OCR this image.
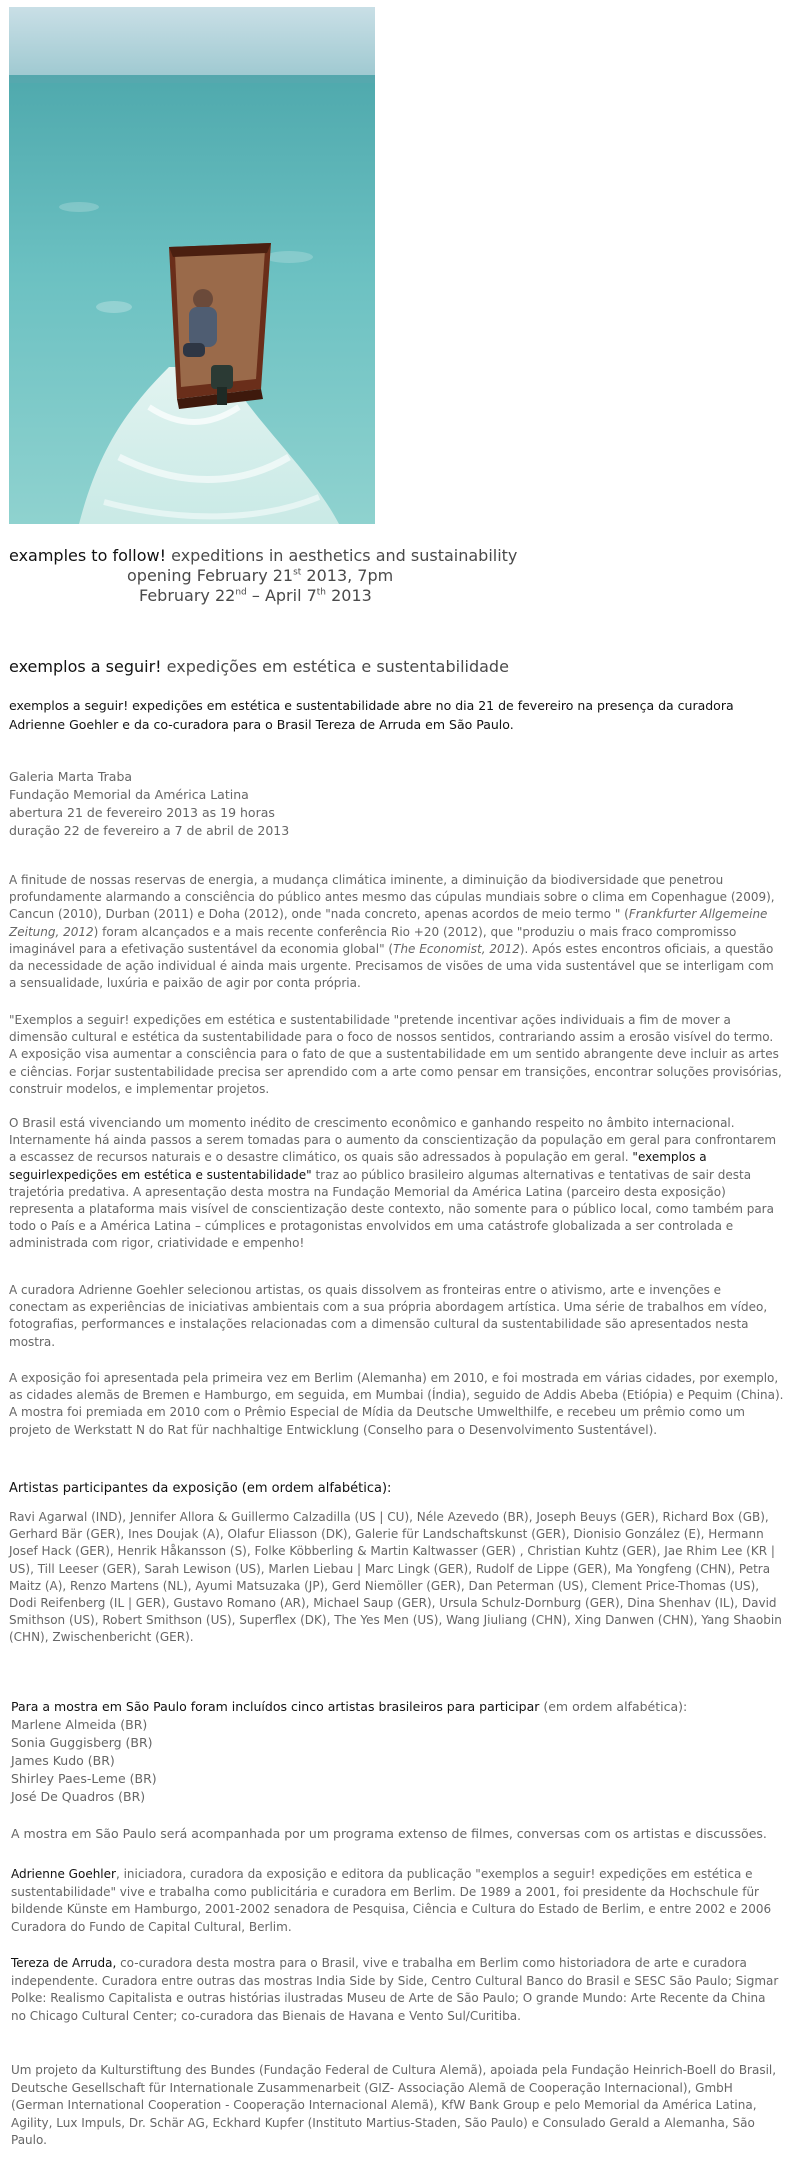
examples to follow! expeditions in aesthetics and sustainability
opening February 21st 2013, 7pm
February 22nd – April 7th 2013
exemplos a seguir! expedições em estética e sustentabilidade
exemplos a seguir! expedições em estética e sustentabilidade abre no dia 21 de fevereiro na presença da curadora Adrienne Goehler e da co-curadora para o Brasil Tereza de Arruda em São Paulo.
Galeria Marta Traba
Fundação Memorial da América Latina
abertura 21 de fevereiro 2013 as 19 horas
duração 22 de fevereiro a 7 de abril de 2013

A finitude de nossas reservas de energia, a mudança climática iminente, a diminuição da biodiversidade que penetrou profundamente alarmando a consciência do público antes mesmo das cúpulas mundiais sobre o clima em Copenhague (2009), Cancun (2010), Durban (2011) e Doha (2012), onde "nada concreto, apenas acordos de meio termo " (Frankfurter Allgemeine Zeitung, 2012) foram alcançados e a mais recente conferência Rio +20 (2012), que "produziu o mais fraco compromisso imaginável para a efetivação sustentável da economia global" (The Economist, 2012). Após estes encontros oficiais, a questão da necessidade de ação individual é ainda mais urgente. Precisamos de visões de uma vida sustentável que se interligam com a sensualidade, luxúria e paixão de agir por conta própria.

"Exemplos a seguir! expedições em estética e sustentabilidade "pretende incentivar ações individuais a fim de mover a dimensão cultural e estética da sustentabilidade para o foco de nossos sentidos, contrariando assim a erosão visível do termo. A exposição visa aumentar a consciência para o fato de que a sustentabilidade em um sentido abrangente deve incluir as artes e ciências. Forjar sustentabilidade precisa ser aprendido com a arte como pensar em transições, encontrar soluções provisórias, construir modelos, e implementar projetos.

O Brasil está vivenciando um momento inédito de crescimento econômico e ganhando respeito no âmbito internacional. Internamente há ainda passos a serem tomadas para o aumento da conscientização da população em geral para confrontarem a escassez de recursos naturais e o desastre climático, os quais são adressados à população em geral. "exemplos a seguirlexpedições em estética e sustentabilidade" traz ao público brasileiro algumas alternativas e tentativas de sair desta trajetória predativa. A apresentação desta mostra na Fundação Memorial da América Latina (parceiro desta exposição) representa a plataforma mais visível de conscientização deste contexto, não somente para o público local, como também para todo o País e a América Latina – cúmplices e protagonistas envolvidos em uma catástrofe globalizada a ser controlada e administrada com rigor, criatividade e empenho!

A curadora Adrienne Goehler selecionou artistas, os quais dissolvem as fronteiras entre o ativismo, arte e invenções e conectam as experiências de iniciativas ambientais com a sua própria abordagem artística. Uma série de trabalhos em vídeo, fotografias, performances e instalações relacionadas com a dimensão cultural da sustentabilidade são apresentados nesta mostra.

A exposição foi apresentada pela primeira vez em Berlim (Alemanha) em 2010, e foi mostrada em várias cidades, por exemplo, as cidades alemãs de Bremen e Hamburgo, em seguida, em Mumbai (Índia), seguido de Addis Abeba (Etiópia) e Pequim (China). A mostra foi premiada em 2010 com o Prêmio Especial de Mídia da Deutsche Umwelthilfe, e recebeu um prêmio como um projeto de Werkstatt N do Rat für nachhaltige Entwicklung (Conselho para o Desenvolvimento Sustentável).

Artistas participantes da exposição (em ordem alfabética):

Ravi Agarwal (IND), Jennifer Allora & Guillermo Calzadilla (US | CU), Néle Azevedo (BR), Joseph Beuys (GER), Richard Box (GB), Gerhard Bär (GER), Ines Doujak (A), Olafur Eliasson (DK), Galerie für Landschaftskunst (GER), Dionisio González (E), Hermann Josef Hack (GER), Henrik Håkansson (S), Folke Köbberling & Martin Kaltwasser (GER) , Christian Kuhtz (GER), Jae Rhim Lee (KR | US), Till Leeser (GER), Sarah Lewison (US), Marlen Liebau | Marc Lingk (GER), Rudolf de Lippe (GER), Ma Yongfeng (CHN), Petra Maitz (A), Renzo Martens (NL), Ayumi Matsuzaka (JP), Gerd Niemöller (GER), Dan Peterman (US), Clement Price-Thomas (US), Dodi Reifenberg (IL | GER), Gustavo Romano (AR), Michael Saup (GER), Ursula Schulz-Dornburg (GER), Dina Shenhav (IL), David Smithson (US), Robert Smithson (US), Superflex (DK), The Yes Men (US), Wang Jiuliang (CHN), Xing Danwen (CHN), Yang Shaobin (CHN), Zwischenbericht (GER).

Para a mostra em São Paulo foram incluídos cinco artistas brasileiros para participar (em ordem alfabética):
Marlene Almeida (BR)
Sonia Guggisberg (BR)
James Kudo (BR)
Shirley Paes-Leme (BR)
José De Quadros (BR)
A mostra em São Paulo será acompanhada por um programa extenso de filmes, conversas com os artistas e discussões.

Adrienne Goehler, iniciadora, curadora da exposição e editora da publicação "exemplos a seguir! expedições em estética e sustentabilidade" vive e trabalha como publicitária e curadora em Berlim. De 1989 a 2001, foi presidente da Hochschule für bildende Künste em Hamburgo, 2001-2002 senadora de Pesquisa, Ciência e Cultura do Estado de Berlim, e entre 2002 e 2006 Curadora do Fundo de Capital Cultural, Berlim.

Tereza de Arruda, co-curadora desta mostra para o Brasil, vive e trabalha em Berlim como historiadora de arte e curadora independente. Curadora entre outras das mostras India Side by Side, Centro Cultural Banco do Brasil e SESC São Paulo; Sigmar Polke: Realismo Capitalista e outras histórias ilustradas Museu de Arte de São Paulo; O grande Mundo: Arte Recente da China no Chicago Cultural Center; co-curadora das Bienais de Havana e Vento Sul/Curitiba.

Um projeto da Kulturstiftung des Bundes (Fundação Federal de Cultura Alemã), apoiada pela Fundação Heinrich-Boell do Brasil, Deutsche Gesellschaft für Internationale Zusammenarbeit (GIZ- Associação Alemã de Cooperação Internacional), GmbH (German International Cooperation - Cooperação Internacional Alemã), KfW Bank Group e pelo Memorial da América Latina, Agility, Lux Impuls, Dr. Schär AG, Eckhard Kupfer (Instituto Martius-Staden, São Paulo) e Consulado Gerald a Alemanha, São Paulo.
